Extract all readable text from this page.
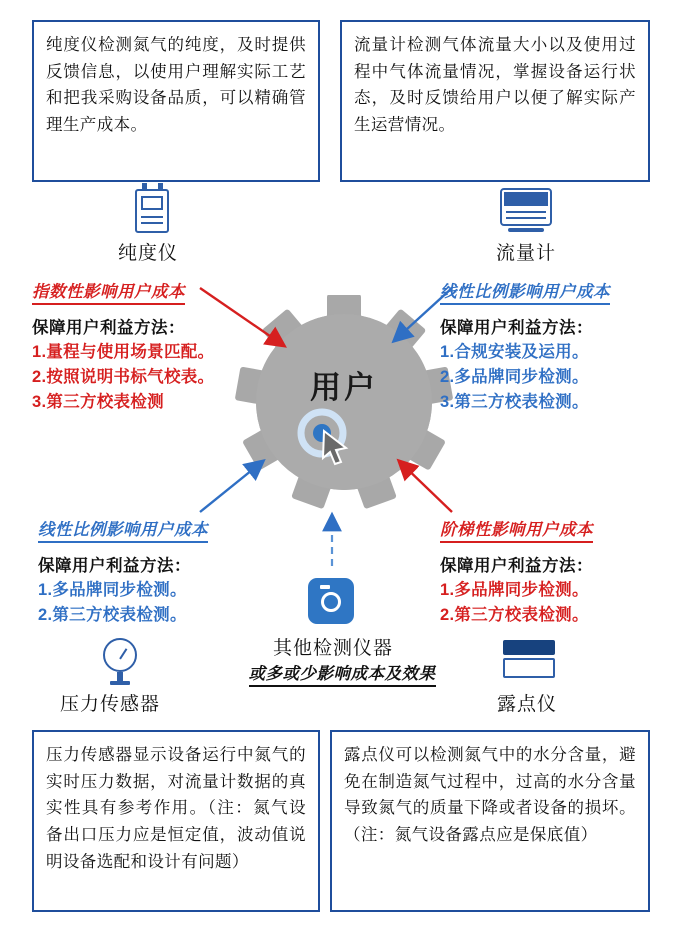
纯度仪检测氮气的纯度，及时提供反馈信息，以使用户理解实际工艺和把我采购设备品质，可以精确管理生产成本。
流量计检测气体流量大小以及使用过程中气体流量情况，掌握设备运行状态，及时反馈给用户以便了解实际产生运营情况。
压力传感器显示设备运行中氮气的实时压力数据，对流量计数据的真实性具有参考作用。（注：氮气设备出口压力应是恒定值，波动值说明设备选配和设计有问题）
露点仪可以检测氮气中的水分含量，避免在制造氮气过程中，过高的水分含量导致氮气的质量下降或者设备的损坏。（注：氮气设备露点应是保底值）
纯度仪	流量计
压力传感器	露点仪
其他检测仪器
用户
指数性影响用户成本
保障用户利益方法：
1.量程与使用场景匹配。
2.按照说明书标气校表。
3.第三方校表检测
线性比例影响用户成本
保障用户利益方法：
1.合规安装及运用。
2.多品牌同步检测。
3.第三方校表检测。
线性比例影响用户成本
保障用户利益方法：
1.多品牌同步检测。
2.第三方校表检测。
阶梯性影响用户成本
保障用户利益方法：
1.多品牌同步检测。
2.第三方校表检测。
或多或少影响成本及效果
